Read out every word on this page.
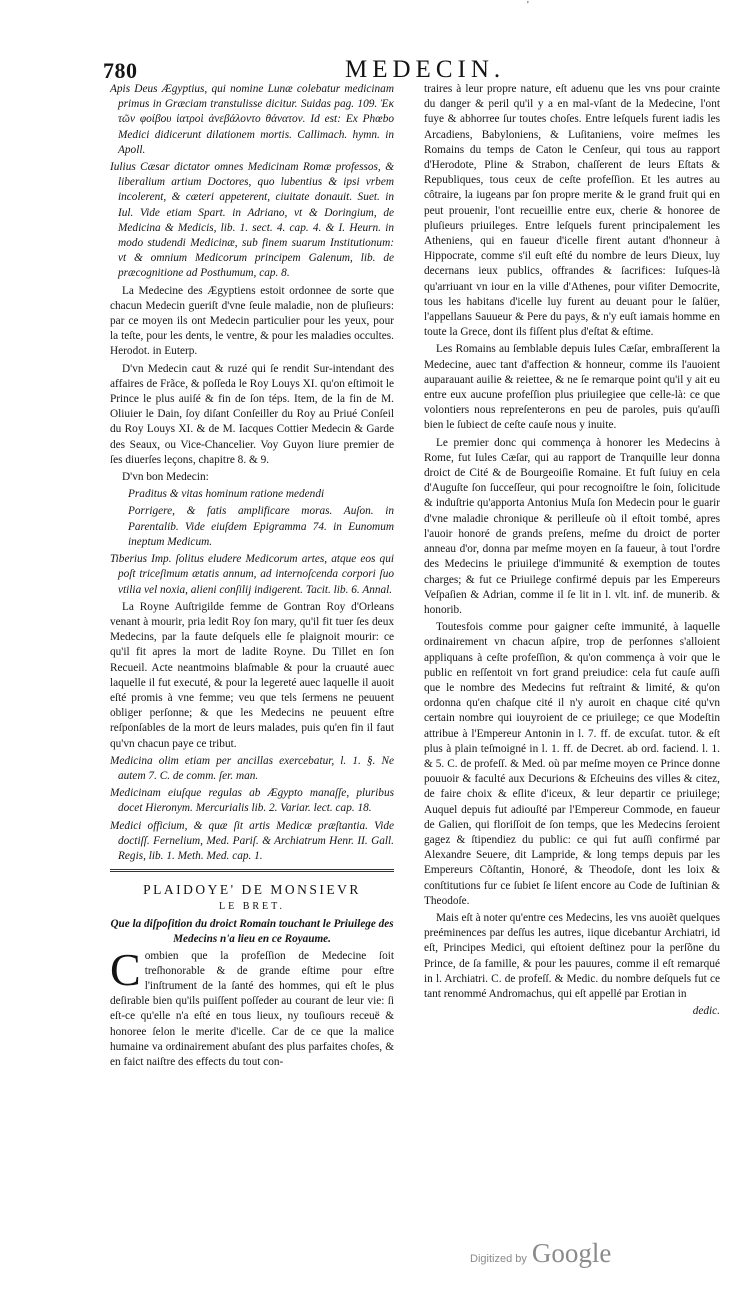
'
780	MEDECIN.

Apis Deus Ægyptius, qui nomine Lunæ colebatur medicinam primus in Græciam transtulisse dicitur. Suidas pag. 109. Ἐκ τῶν φοίβου ἰατροὶ ἀνεβάλοντο θάνατον. Id est: Ex Phœbo Medici didicerunt dilationem mortis. Callimach. hymn. in Apoll.

Iulius Cæsar dictator omnes Medicinam Romæ professos, & liberalium artium Doctores, quo lubentius & ipsi vrbem incolerent, & cæteri appeterent, ciuitate donauit. Suet. in Iul. Vide etiam Spart. in Adriano, vt & Doringium, de Medicina & Medicis, lib. 1. sect. 4. cap. 4. & I. Heurn. in modo studendi Medicinæ, sub finem suarum Institutionum: vt & omnium Medicorum principem Galenum, lib. de præcognitione ad Posthumum, cap. 8.

La Medecine des Ægyptiens estoit ordonnee de sorte que chacun Medecin gueriſt d'vne ſeule maladie, non de pluſieurs: par ce moyen ils ont Medecin particulier pour les yeux, pour la teſte, pour les dents, le ventre, & pour les maladies occultes. Herodot. in Euterp.

D'vn Medecin caut & ruzé qui ſe rendit Sur-intendant des affaires de Frãce, & poſſeda le Roy Louys XI. qu'on eſtimoit le Prince le plus auiſé & fin de ſon téps. Item, de la fin de M. Oliuier le Dain, ſoy diſant Conſeiller du Roy au Priué Conſeil du Roy Louys XI. & de M. Iacques Cottier Medecin & Garde des Seaux, ou Vice-Chancelier. Voy Guyon liure premier de ſes diuerſes leçons, chapitre 8. & 9.

D'vn bon Medecin:

Praditus & vitas hominum ratione medendi

Porrigere, & fatis amplificare moras. Auſon. in Parentalib. Vide eiuſdem Epigramma 74. in Eunomum ineptum Medicum.

Tiberius Imp. ſolitus eludere Medicorum artes, atque eos qui poſt triceſimum ætatis annum, ad internoſcenda corpori ſuo vtilia vel noxia, alieni conſilij indigerent. Tacit. lib. 6. Annal.

La Royne Auſtrigilde femme de Gontran Roy d'Orleans venant à mourir, pria ledit Roy ſon mary, qu'il fit tuer ſes deux Medecins, par la faute deſquels elle ſe plaignoit mourir: ce qu'il fit apres la mort de ladite Royne. Du Tillet en ſon Recueil. Acte neantmoins blaſmable & pour la cruauté auec laquelle il fut executé, & pour la legereté auec laquelle il auoit eſté promis à vne femme; veu que tels ſermens ne peuuent obliger perſonne; & que les Medecins ne peuuent eſtre reſponſables de la mort de leurs malades, puis qu'en fin il faut qu'vn chacun paye ce tribut.

Medicina olim etiam per ancillas exercebatur, l. 1. §. Ne autem 7. C. de comm. ſer. man.

Medicinam eiuſque regulas ab Ægypto manaſſe, pluribus docet Hieronym. Mercurialis lib. 2. Variar. lect. cap. 18.

Medici officium, & quæ ſit artis Medicæ præſtantia. Vide doctiſſ. Fernelium, Med. Pariſ. & Archiatrum Henr. II. Gall. Regis, lib. 1. Meth. Med. cap. 1.

PLAIDOYE' DE MONSIEVR

LE BRET.

Que la diſpoſition du droict Romain touchant le Priuilege des Medecins n'a lieu en ce Royaume.

Combien que la profeſſion de Medecine ſoit treſhonorable & de grande eſtime pour eſtre l'inſtrument de la ſanté des hommes, qui eſt le plus deſirable bien qu'ils puiſſent poſſeder au courant de leur vie: ſi eſt-ce qu'elle n'a eſté en tous lieux, ny touſiours receuë & honoree ſelon le merite d'icelle. Car de ce que la malice humaine va ordinairement abuſant des plus parfaites choſes, & en faict naiſtre des effects du tout con-

traires à leur propre nature, eſt aduenu que les vns pour crainte du danger & peril qu'il y a en mal-vſant de la Medecine, l'ont fuye & abhorree ſur toutes choſes. Entre leſquels furent iadis les Arcadiens, Babyloniens, & Luſitaniens, voire meſmes les Romains du temps de Caton le Cenſeur, qui tous au rapport d'Herodote, Pline & Strabon, chaſſerent de leurs Eſtats & Republiques, tous ceux de ceſte profeſſion. Et les autres au côtraire, la iugeans par ſon propre merite & le grand fruit qui en peut prouenir, l'ont recueillie entre eux, cherie & honoree de pluſieurs priuileges. Entre leſquels furent principalement les Atheniens, qui en faueur d'icelle firent autant d'honneur à Hippocrate, comme s'il euſt eſté du nombre de leurs Dieux, luy decernans ieux publics, offrandes & ſacrifices: Iuſques-là qu'arriuant vn iour en la ville d'Athenes, pour viſiter Democrite, tous les habitans d'icelle luy furent au deuant pour le ſalüer, l'appellans Sauueur & Pere du pays, & n'y euſt iamais homme en toute la Grece, dont ils fiſſent plus d'eſtat & eſtime.

Les Romains au ſemblable depuis Iules Cæſar, embraſſerent la Medecine, auec tant d'affection & honneur, comme ils l'auoient auparauant auilie & reiettee, & ne ſe remarque point qu'il y ait eu entre eux aucune profeſſion plus priuilegiee que celle-là: ce que volontiers nous repreſenterons en peu de paroles, puis qu'auſſi bien le ſubiect de ceſte cauſe nous y inuite.

Le premier donc qui commença à honorer les Medecins à Rome, fut Iules Cæſar, qui au rapport de Tranquille leur donna droict de Cité & de Bourgeoiſie Romaine. Et fuſt ſuiuy en cela d'Auguſte ſon ſucceſſeur, qui pour recognoiſtre le ſoin, ſolicitude & induſtrie qu'apporta Antonius Muſa ſon Medecin pour le guarir d'vne maladie chronique & perilleuſe où il eſtoit tombé, apres l'auoir honoré de grands preſens, meſme du droict de porter anneau d'or, donna par meſme moyen en ſa faueur, à tout l'ordre des Medecins le priuilege d'immunité & exemption de toutes charges; & fut ce Priuilege confirmé depuis par les Empereurs Veſpaſien & Adrian, comme il ſe lit in l. vlt. inf. de munerib. & honorib.

Toutesfois comme pour gaigner ceſte immunité, à laquelle ordinairement vn chacun aſpire, trop de perſonnes s'alloient appliquans à ceſte profeſſion, & qu'on commença à voir que le public en reſſentoit vn fort grand preiudice: cela fut cauſe auſſi que le nombre des Medecins fut reſtraint & limité, & qu'on ordonna qu'en chaſque cité il n'y auroit en chaque cité qu'vn certain nombre qui iouyroient de ce priuilege; ce que Modeſtin attribue à l'Empereur Antonin in l. 7. ff. de excuſat. tutor. & eſt plus à plain teſmoigné in l. 1. ff. de Decret. ab ord. faciend. l. 1. & 5. C. de profeſſ. & Med. où par meſme moyen ce Prince donne pouuoir & faculté aux Decurions & Eſcheuins des villes & citez, de faire choix & eſlite d'iceux, & leur departir ce priuilege; Auquel depuis fut adiouſté par l'Empereur Commode, en faueur de Galien, qui floriſſoit de ſon temps, que les Medecins ſeroient gagez & ſtipendiez du public: ce qui fut auſſi confirmé par Alexandre Seuere, dit Lampride, & long temps depuis par les Empereurs Cõſtantin, Honoré, & Theodoſe, dont les loix & conſtitutions fur ce ſubiet ſe liſent encore au Code de Iuſtinian & Theodoſe.

Mais eſt à noter qu'entre ces Medecins, les vns auoiẽt quelques preéminences par deſſus les autres, iique dicebantur Archiatri, id eſt, Principes Medici, qui eſtoient deſtinez pour la perſõne du Prince, de ſa famille, & pour les pauures, comme il eſt remarqué in l. Archiatri. C. de profeſſ. & Medic. du nombre deſquels fut ce tant renommé Andromachus, qui eſt appellé par Erotian in

dedic.

Digitized by Google
